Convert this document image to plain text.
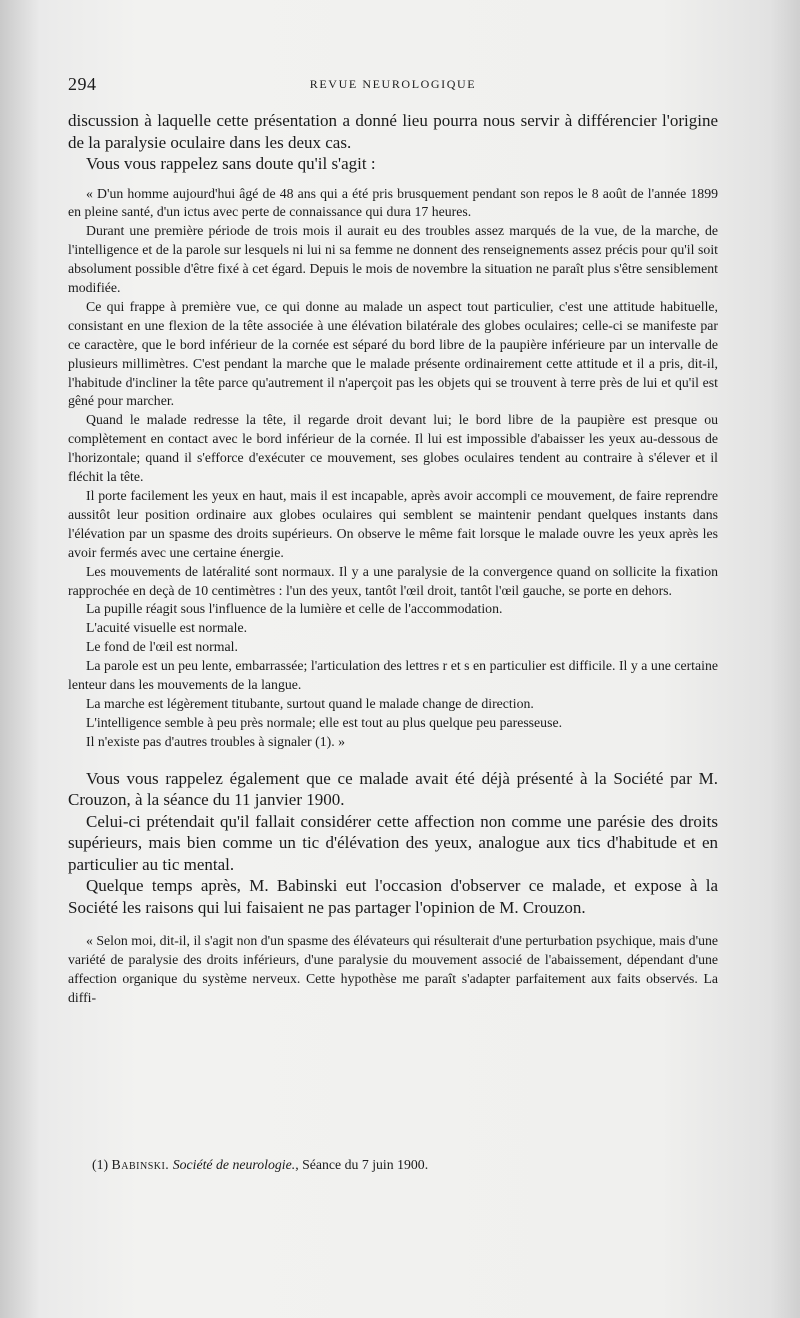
294	REVUE NEUROLOGIQUE

discussion à laquelle cette présentation a donné lieu pourra nous servir à différencier l'origine de la paralysie oculaire dans les deux cas.

Vous vous rappelez sans doute qu'il s'agit :

« D'un homme aujourd'hui âgé de 48 ans qui a été pris brusquement pendant son repos le 8 août de l'année 1899 en pleine santé, d'un ictus avec perte de connaissance qui dura 17 heures.

Durant une première période de trois mois il aurait eu des troubles assez marqués de la vue, de la marche, de l'intelligence et de la parole sur lesquels ni lui ni sa femme ne donnent des renseignements assez précis pour qu'il soit absolument possible d'être fixé à cet égard. Depuis le mois de novembre la situation ne paraît plus s'être sensiblement modifiée.

Ce qui frappe à première vue, ce qui donne au malade un aspect tout particulier, c'est une attitude habituelle, consistant en une flexion de la tête associée à une élévation bilatérale des globes oculaires; celle-ci se manifeste par ce caractère, que le bord inférieur de la cornée est séparé du bord libre de la paupière inférieure par un intervalle de plusieurs millimètres. C'est pendant la marche que le malade présente ordinairement cette attitude et il a pris, dit-il, l'habitude d'incliner la tête parce qu'autrement il n'aperçoit pas les objets qui se trouvent à terre près de lui et qu'il est gêné pour marcher.

Quand le malade redresse la tête, il regarde droit devant lui; le bord libre de la paupière est presque ou complètement en contact avec le bord inférieur de la cornée. Il lui est impossible d'abaisser les yeux au-dessous de l'horizontale; quand il s'efforce d'exécuter ce mouvement, ses globes oculaires tendent au contraire à s'élever et il fléchit la tête.

Il porte facilement les yeux en haut, mais il est incapable, après avoir accompli ce mouvement, de faire reprendre aussitôt leur position ordinaire aux globes oculaires qui semblent se maintenir pendant quelques instants dans l'élévation par un spasme des droits supérieurs. On observe le même fait lorsque le malade ouvre les yeux après les avoir fermés avec une certaine énergie.

Les mouvements de latéralité sont normaux. Il y a une paralysie de la convergence quand on sollicite la fixation rapprochée en deçà de 10 centimètres : l'un des yeux, tantôt l'œil droit, tantôt l'œil gauche, se porte en dehors.

La pupille réagit sous l'influence de la lumière et celle de l'accommodation.

L'acuité visuelle est normale.

Le fond de l'œil est normal.

La parole est un peu lente, embarrassée; l'articulation des lettres r et s en particulier est difficile. Il y a une certaine lenteur dans les mouvements de la langue.

La marche est légèrement titubante, surtout quand le malade change de direction.

L'intelligence semble à peu près normale; elle est tout au plus quelque peu paresseuse.

Il n'existe pas d'autres troubles à signaler (1). »

Vous vous rappelez également que ce malade avait été déjà présenté à la Société par M. Crouzon, à la séance du 11 janvier 1900.

Celui-ci prétendait qu'il fallait considérer cette affection non comme une parésie des droits supérieurs, mais bien comme un tic d'élévation des yeux, analogue aux tics d'habitude et en particulier au tic mental.

Quelque temps après, M. Babinski eut l'occasion d'observer ce malade, et expose à la Société les raisons qui lui faisaient ne pas partager l'opinion de M. Crouzon.

« Selon moi, dit-il, il s'agit non d'un spasme des élévateurs qui résulterait d'une perturbation psychique, mais d'une variété de paralysie des droits inférieurs, d'une paralysie du mouvement associé de l'abaissement, dépendant d'une affection organique du système nerveux. Cette hypothèse me paraît s'adapter parfaitement aux faits observés. La diffi-

(1) Babinski. Société de neurologie., Séance du 7 juin 1900.
